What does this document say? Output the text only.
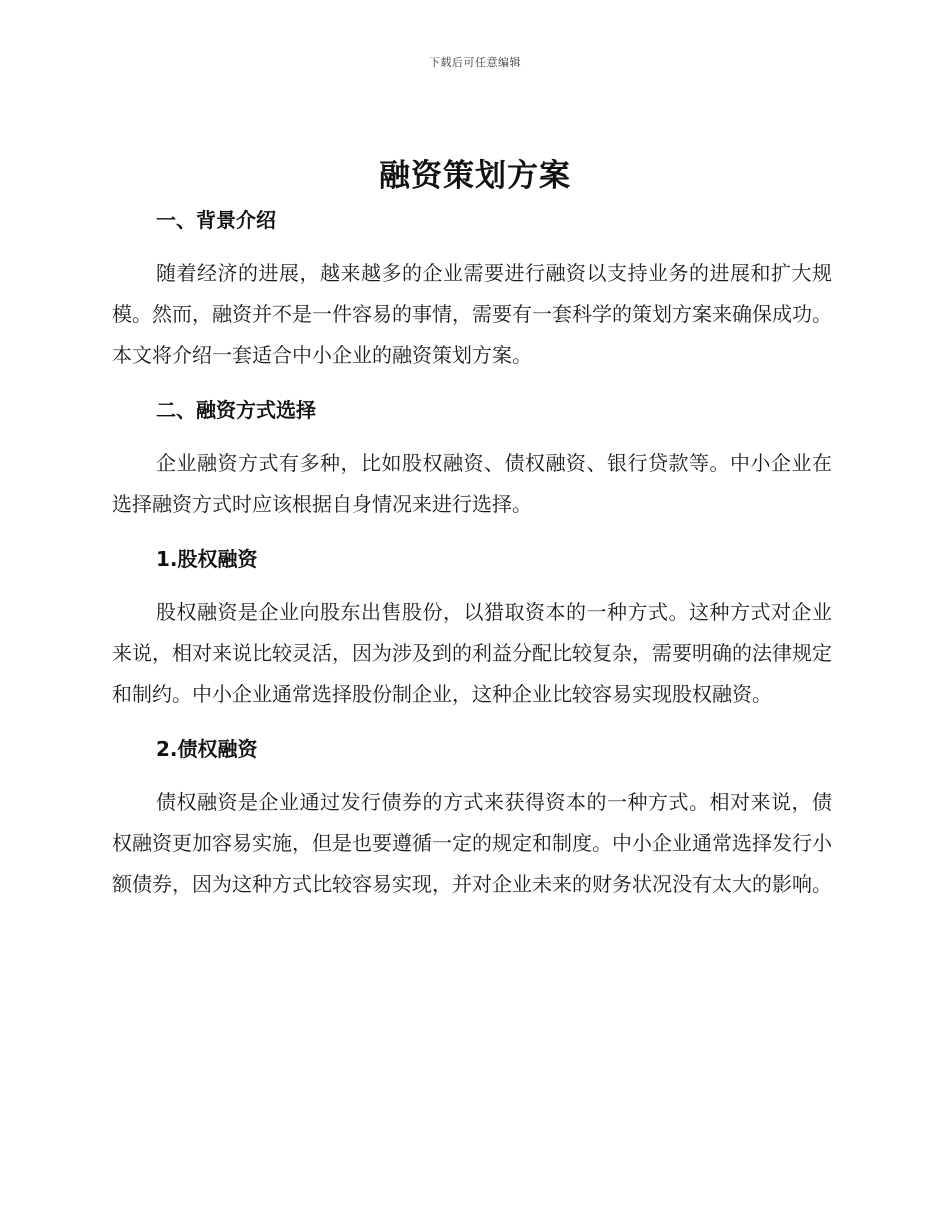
下载后可任意编辑
融资策划方案
一、背景介绍

随着经济的进展，越来越多的企业需要进行融资以支持业务的进展和扩大规模。然而，融资并不是一件容易的事情，需要有一套科学的策划方案来确保成功。本文将介绍一套适合中小企业的融资策划方案。

二、融资方式选择

企业融资方式有多种，比如股权融资、债权融资、银行贷款等。中小企业在选择融资方式时应该根据自身情况来进行选择。

1.股权融资

股权融资是企业向股东出售股份，以猎取资本的一种方式。这种方式对企业来说，相对来说比较灵活，因为涉及到的利益分配比较复杂，需要明确的法律规定和制约。中小企业通常选择股份制企业，这种企业比较容易实现股权融资。

2.债权融资

债权融资是企业通过发行债券的方式来获得资本的一种方式。相对来说，债权融资更加容易实施，但是也要遵循一定的规定和制度。中小企业通常选择发行小额债券，因为这种方式比较容易实现，并对企业未来的财务状况没有太大的影响。
